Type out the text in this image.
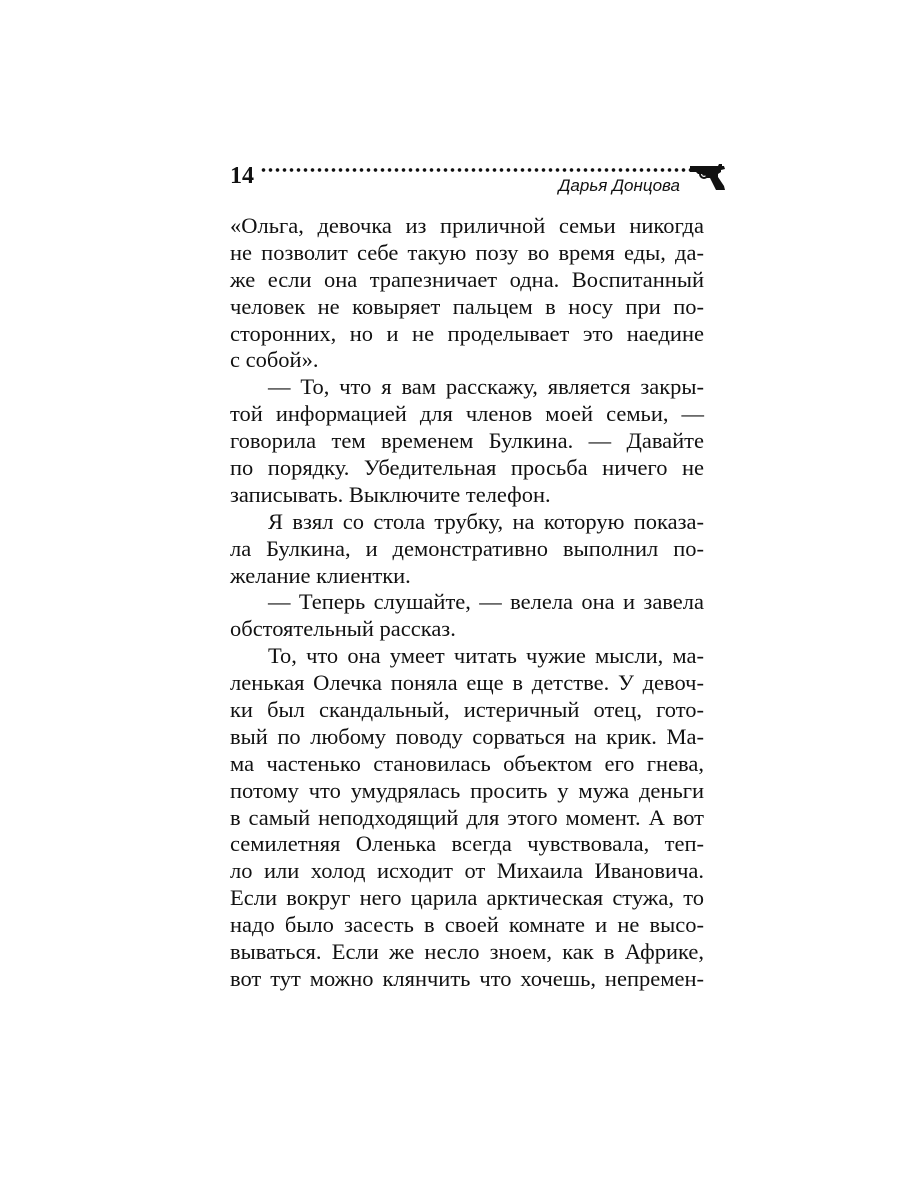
14	Дарья Донцова
«Ольга, девочка из приличной семьи никогда
не позволит себе такую позу во время еды, да-
же если она трапезничает одна. Воспитанный
человек не ковыряет пальцем в носу при по-
сторонних, но и не проделывает это наедине
с собой».
— То, что я вам расскажу, является закры-
той информацией для членов моей семьи, —
говорила тем временем Булкина. — Давайте
по порядку. Убедительная просьба ничего не
записывать. Выключите телефон.
Я взял со стола трубку, на которую показа-
ла Булкина, и демонстративно выполнил по-
желание клиентки.
— Теперь слушайте, — велела она и завела
обстоятельный рассказ.
То, что она умеет читать чужие мысли, ма-
ленькая Олечка поняла еще в детстве. У девоч-
ки был скандальный, истеричный отец, гото-
вый по любому поводу сорваться на крик. Ма-
ма частенько становилась объектом его гнева,
потому что умудрялась просить у мужа деньги
в самый неподходящий для этого момент. А вот
семилетняя Оленька всегда чувствовала, теп-
ло или холод исходит от Михаила Ивановича.
Если вокруг него царила арктическая стужа, то
надо было засесть в своей комнате и не высо-
вываться. Если же несло зноем, как в Африке,
вот тут можно клянчить что хочешь, непремен-
